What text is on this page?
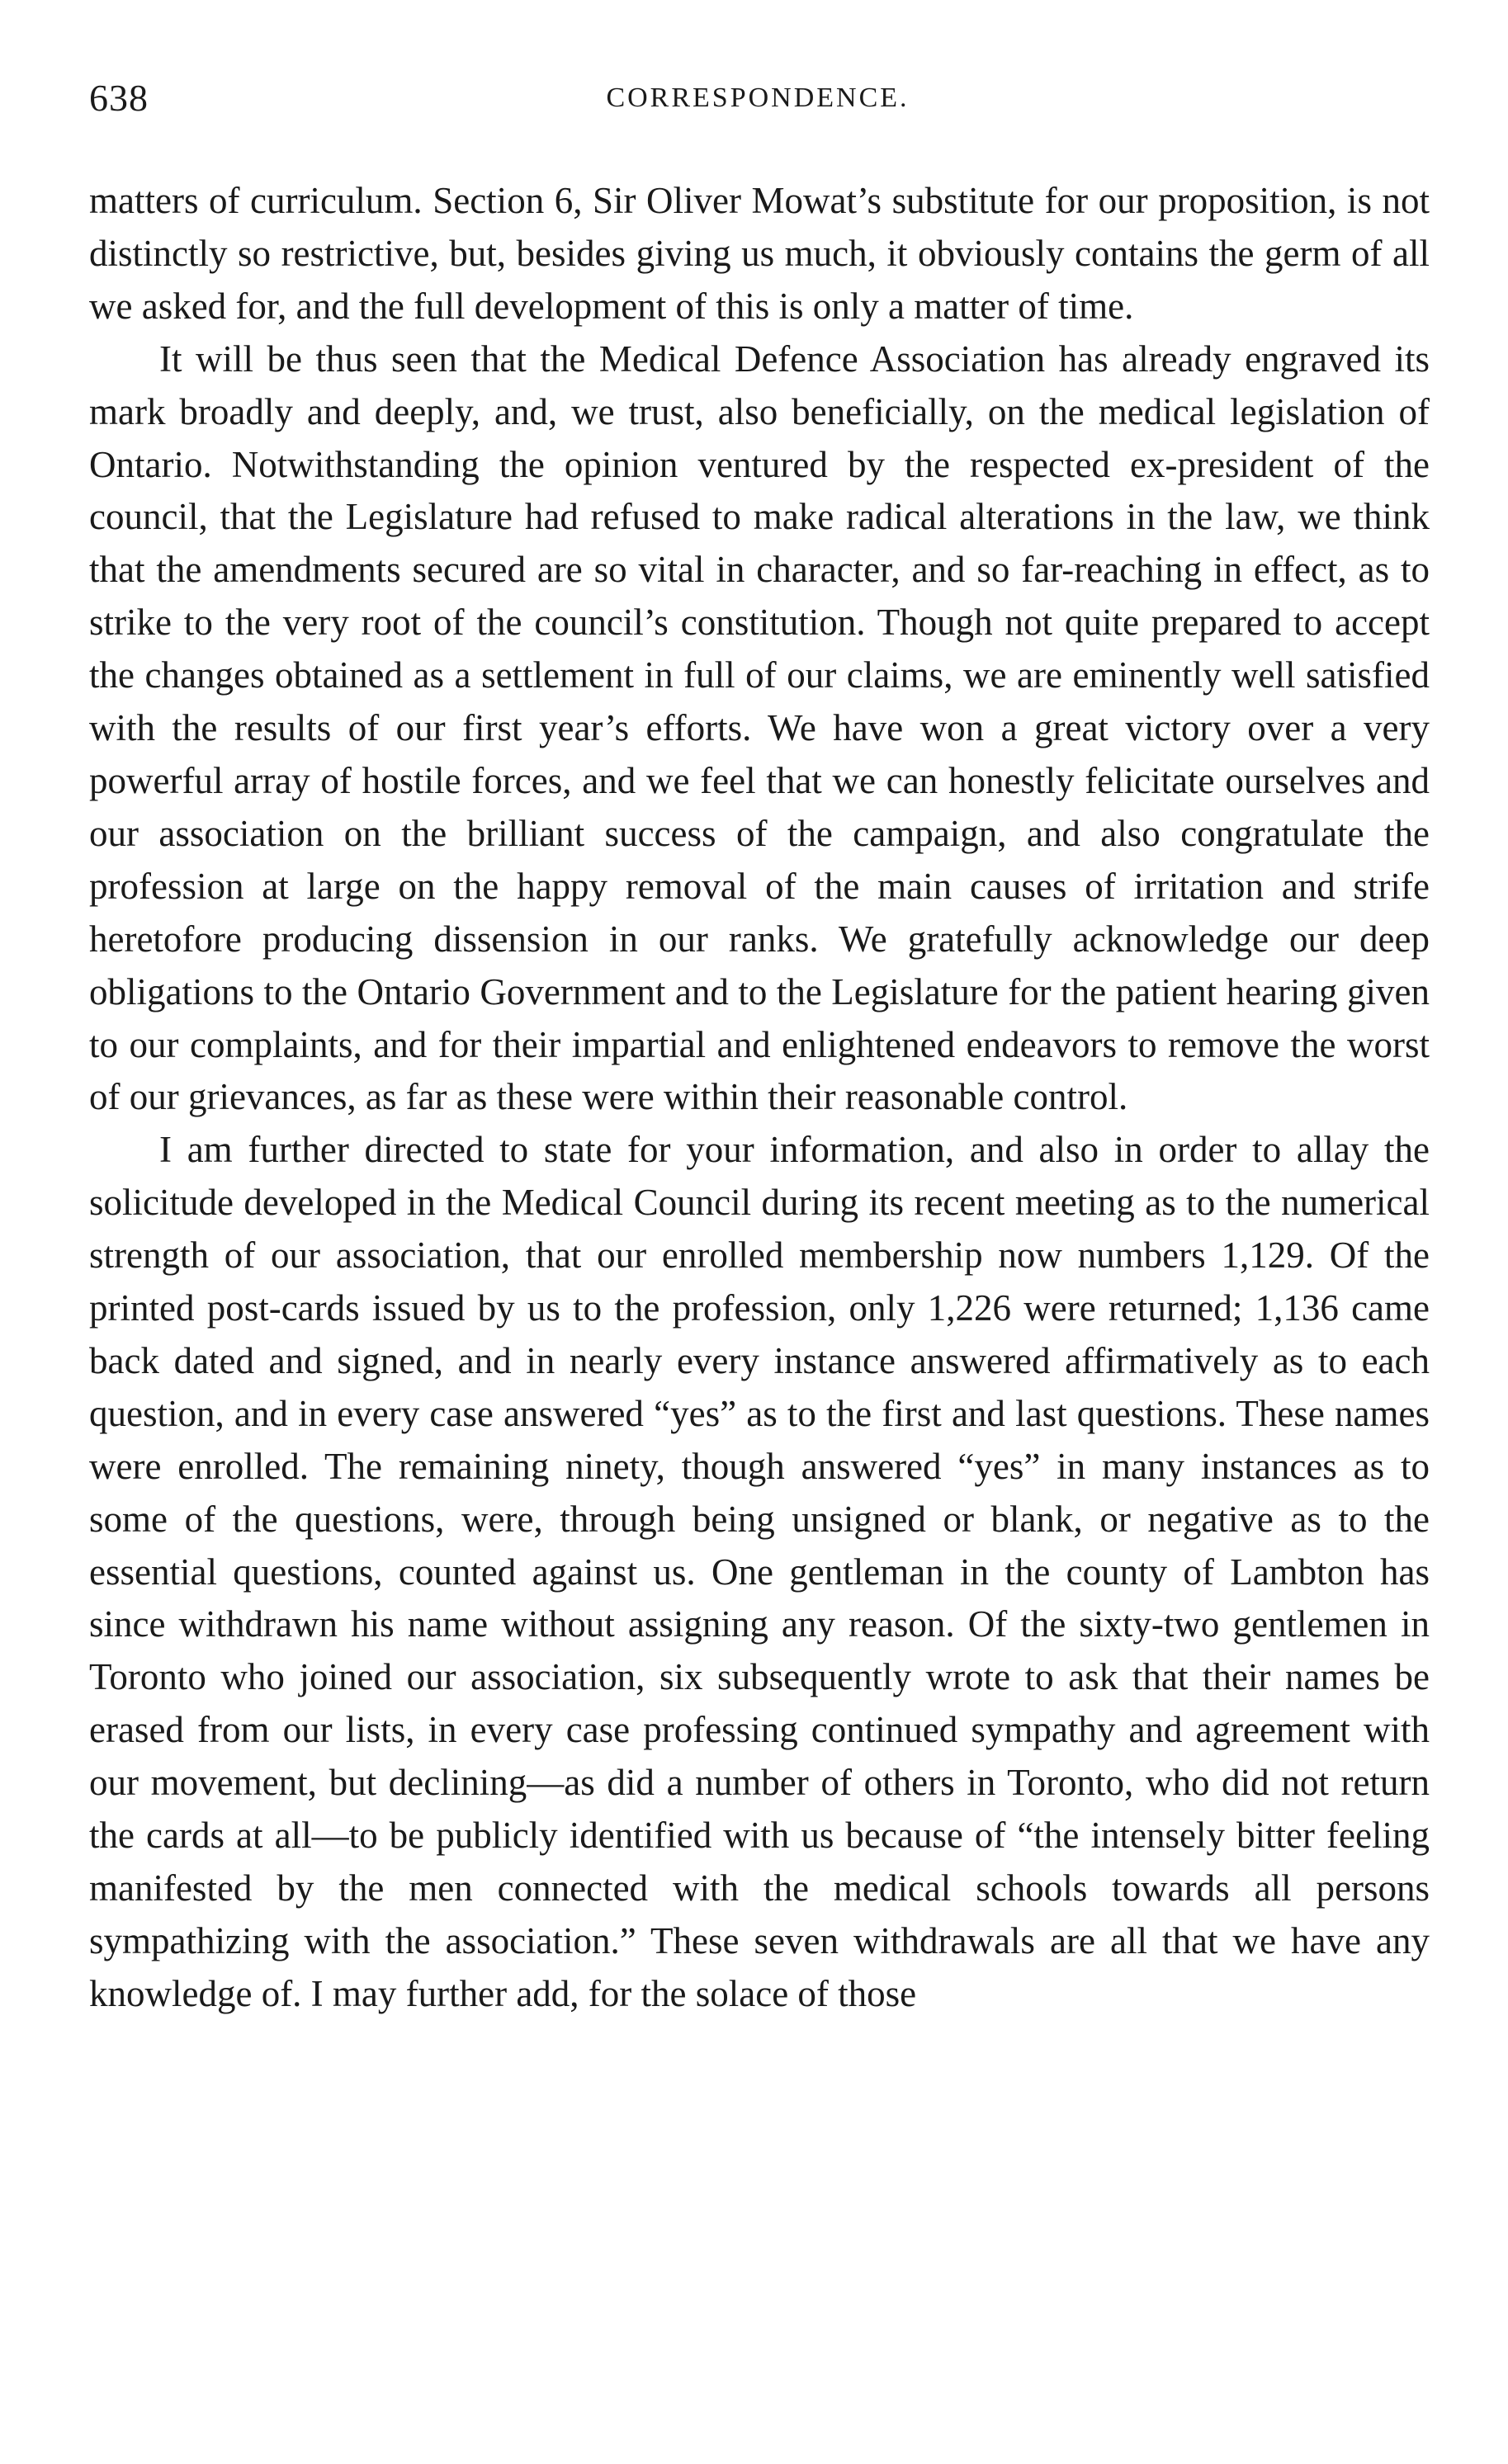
638	CORRESPONDENCE.

matters of curriculum. Section 6, Sir Oliver Mowat’s substitute for our proposition, is not distinctly so restrictive, but, besides giving us much, it obviously contains the germ of all we asked for, and the full development of this is only a matter of time.

It will be thus seen that the Medical Defence Association has already engraved its mark broadly and deeply, and, we trust, also beneficially, on the medical legislation of Ontario. Notwithstanding the opinion ventured by the respected ex-president of the council, that the Legislature had refused to make radical alterations in the law, we think that the amendments secured are so vital in character, and so far-reaching in effect, as to strike to the very root of the council’s constitution. Though not quite prepared to accept the changes obtained as a settlement in full of our claims, we are eminently well satisfied with the results of our first year’s efforts. We have won a great victory over a very powerful array of hostile forces, and we feel that we can honestly felicitate ourselves and our association on the brilliant success of the campaign, and also congratulate the profession at large on the happy removal of the main causes of irritation and strife heretofore producing dissension in our ranks. We gratefully acknowledge our deep obligations to the Ontario Government and to the Legislature for the patient hearing given to our complaints, and for their impartial and enlightened endeavors to remove the worst of our grievances, as far as these were within their reasonable control.

I am further directed to state for your information, and also in order to allay the solicitude developed in the Medical Council during its recent meeting as to the numerical strength of our association, that our enrolled membership now numbers 1,129. Of the printed post-cards issued by us to the profession, only 1,226 were returned; 1,136 came back dated and signed, and in nearly every instance answered affirmatively as to each question, and in every case answered “yes” as to the first and last questions. These names were enrolled. The remaining ninety, though answered “yes” in many instances as to some of the questions, were, through being unsigned or blank, or negative as to the essential questions, counted against us. One gentleman in the county of Lambton has since withdrawn his name without assigning any reason. Of the sixty-two gentlemen in Toronto who joined our association, six subsequently wrote to ask that their names be erased from our lists, in every case professing continued sympathy and agreement with our movement, but declining—as did a number of others in Toronto, who did not return the cards at all—to be publicly identified with us because of “the intensely bitter feeling manifested by the men connected with the medical schools towards all persons sympathizing with the association.” These seven withdrawals are all that we have any knowledge of. I may further add, for the solace of those
